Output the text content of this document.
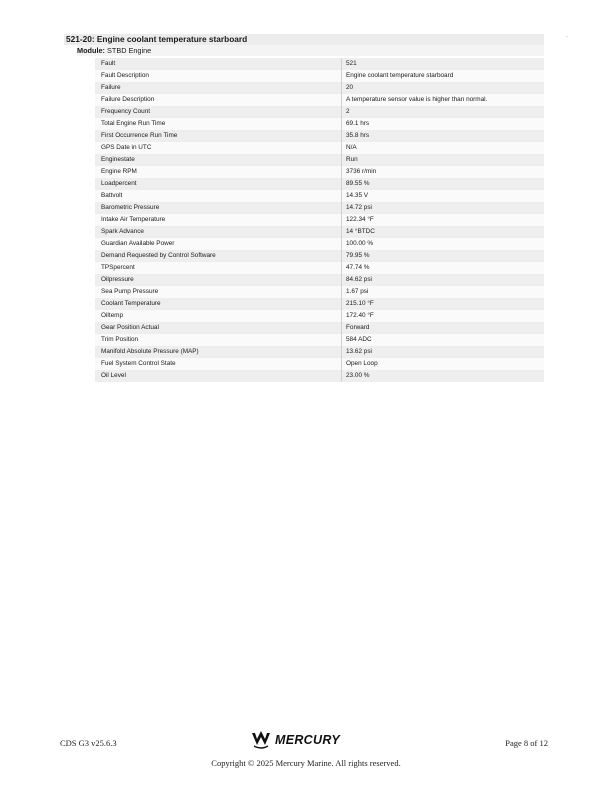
521-20: Engine coolant temperature starboard
Module: STBD Engine
-
Fault	521
Fault Description	Engine coolant temperature starboard
Failure	20
Failure Description	A temperature sensor value is higher than normal.
Frequency Count	2
Total Engine Run Time	69.1 hrs
First Occurrence Run Time	35.8 hrs
GPS Date in UTC	N/A
Enginestate	Run
Engine RPM	3736 r/min
Loadpercent	89.55 %
Battvolt	14.35 V
Barometric Pressure	14.72 psi
Intake Air Temperature	122.34 °F
Spark Advance	14 °BTDC
Guardian Available Power	100.00 %
Demand Requested by Control Software	79.95 %
TPSpercent	47.74 %
Oilpressure	84.62 psi
Sea Pump Pressure	1.67 psi
Coolant Temperature	215.10 °F
Oiltemp	172.40 °F
Gear Position Actual	Forward
Trim Position	584 ADC
Manifold Absolute Pressure (MAP)	13.62 psi
Fuel System Control State	Open Loop
Oil Level	23.00 %
CDS G3 v25.6.3	MERCURY	Page 8 of 12
Copyright © 2025 Mercury Marine. All rights reserved.
